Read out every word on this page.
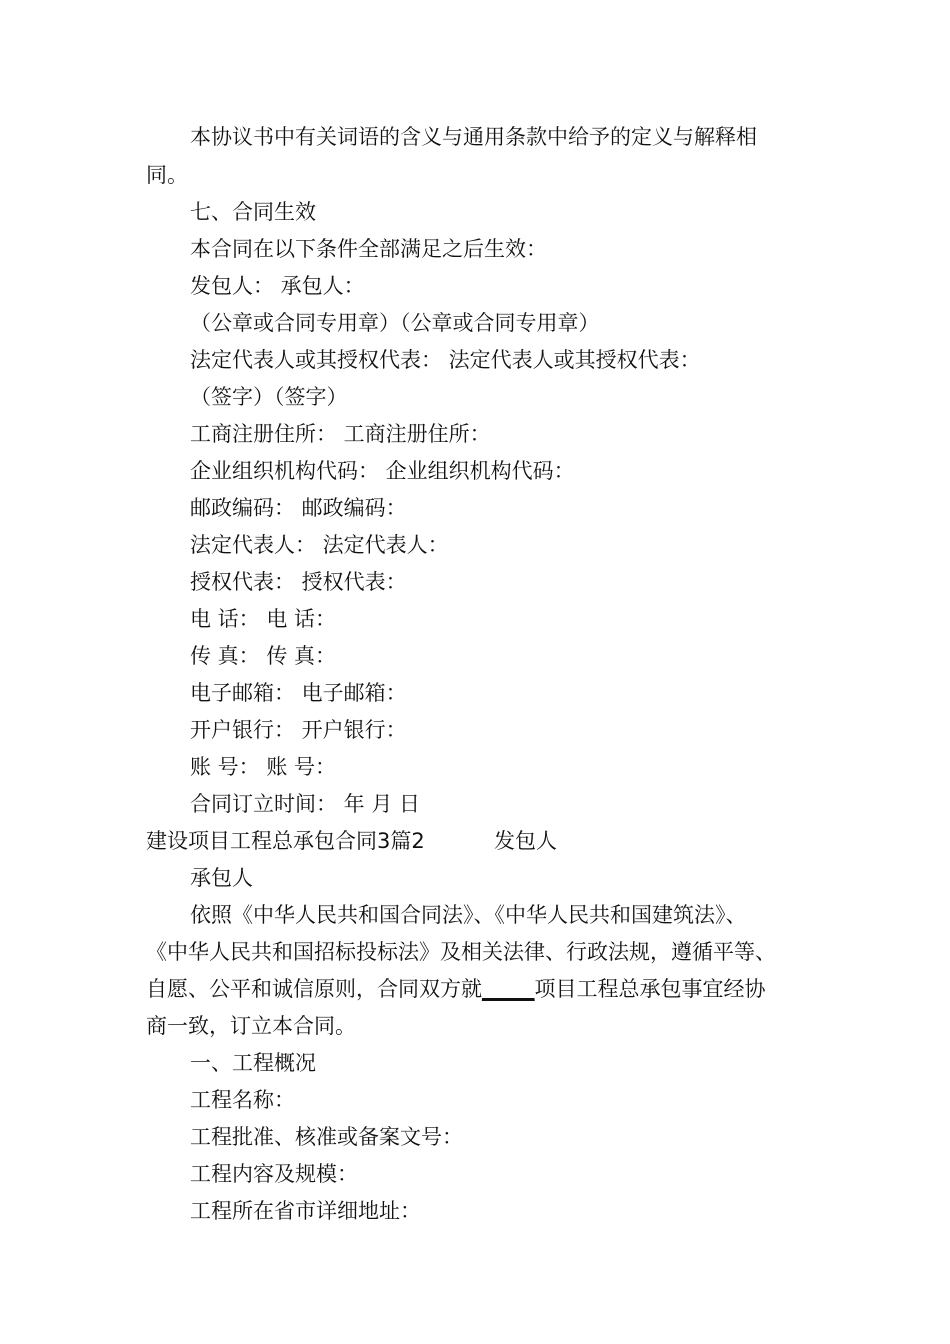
本协议书中有关词语的含义与通用条款中给予的定义与解释相
同。
七、合同生效
本合同在以下条件全部满足之后生效：
发包人： 承包人：
（公章或合同专用章）（公章或合同专用章）
法定代表人或其授权代表： 法定代表人或其授权代表：
（签字）（签字）
工商注册住所： 工商注册住所：
企业组织机构代码： 企业组织机构代码：
邮政编码： 邮政编码：
法定代表人： 法定代表人：
授权代表： 授权代表：
电 话： 电 话：
传 真： 传 真：
电子邮箱： 电子邮箱：
开户银行： 开户银行：
账 号： 账 号：
合同订立时间： 年 月 日
建设项目工程总承包合同3篇2	发包人
承包人
依照《中华人民共和国合同法》、《中华人民共和国建筑法》、
《中华人民共和国招标投标法》及相关法律、行政法规，遵循平等、
自愿、公平和诚信原则，合同双方就_____项目工程总承包事宜经协
商一致，订立本合同。
一、工程概况
工程名称：
工程批准、核准或备案文号：
工程内容及规模：
工程所在省市详细地址：
